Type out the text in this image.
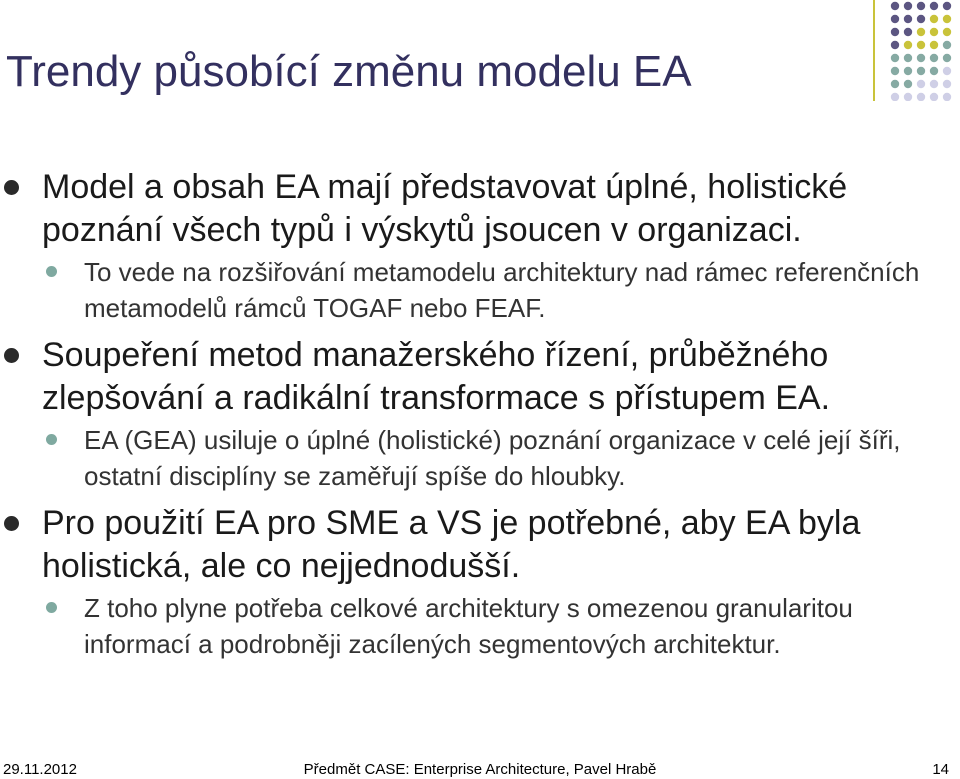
Trendy působící změnu modelu EA
Model a obsah EA mají představovat úplné, holistické poznání všech typů i výskytů jsoucen v organizaci.
To vede na rozšiřování metamodelu architektury nad rámec referenčních metamodelů rámců TOGAF nebo FEAF.
Soupeření metod manažerského řízení, průběžného zlepšování a radikální transformace s přístupem EA.
EA (GEA) usiluje o úplné (holistické) poznání organizace v celé její šíři, ostatní disciplíny se zaměřují spíše do hloubky.
Pro použití EA pro SME a VS je potřebné, aby EA byla holistická, ale co nejjednodušší.
Z toho plyne potřeba celkové architektury s omezenou granularitou informací a podrobněji zacílených segmentových architektur.
29.11.2012	Předmět CASE: Enterprise Architecture, Pavel Hrabě	14
